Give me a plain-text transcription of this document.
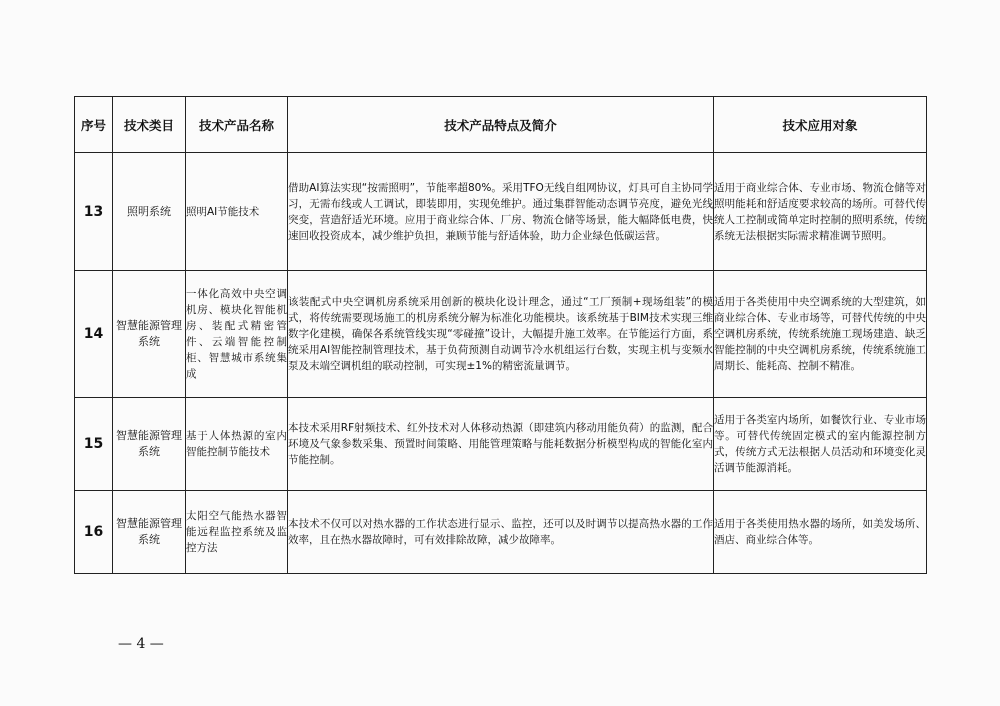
序号	技术类目	技术产品名称	技术产品特点及简介	技术应用对象
13	照明系统	照明AI节能技术	借助AI算法实现“按需照明”，节能率超80%。采用TFO无线自组网协议，灯具可自主协同学习，无需布线或人工调试，即装即用，实现免维护。通过集群智能动态调节亮度，避免光线突变，营造舒适光环境。应用于商业综合体、厂房、物流仓储等场景，能大幅降低电费，快速回收投资成本，减少维护负担，兼顾节能与舒适体验，助力企业绿色低碳运营。	适用于商业综合体、专业市场、物流仓储等对照明能耗和舒适度要求较高的场所。可替代传统人工控制或简单定时控制的照明系统，传统系统无法根据实际需求精准调节照明。
14	智慧能源管理系统	一体化高效中央空调机房、模块化智能机房、装配式精密管件、云端智能控制柜、智慧城市系统集成	该装配式中央空调机房系统采用创新的模块化设计理念，通过“工厂预制+现场组装”的模式，将传统需要现场施工的机房系统分解为标准化功能模块。该系统基于BIM技术实现三维数字化建模，确保各系统管线实现“零碰撞”设计，大幅提升施工效率。在节能运行方面，系统采用AI智能控制管理技术，基于负荷预测自动调节冷水机组运行台数，实现主机与变频水泵及末端空调机组的联动控制，可实现±1%的精密流量调节。	适用于各类使用中央空调系统的大型建筑，如商业综合体、专业市场等，可替代传统的中央空调机房系统，传统系统施工现场建造、缺乏智能控制的中央空调机房系统，传统系统施工周期长、能耗高、控制不精准。
15	智慧能源管理系统	基于人体热源的室内智能控制节能技术	本技术采用RF射频技术、红外技术对人体移动热源（即建筑内移动用能负荷）的监测，配合环境及气象参数采集、预置时间策略、用能管理策略与能耗数据分析模型构成的智能化室内节能控制。	适用于各类室内场所，如餐饮行业、专业市场等。可替代传统固定模式的室内能源控制方式，传统方式无法根据人员活动和环境变化灵活调节能源消耗。
16	智慧能源管理系统	太阳空气能热水器智能远程监控系统及监控方法	本技术不仅可以对热水器的工作状态进行显示、监控，还可以及时调节以提高热水器的工作效率，且在热水器故障时，可有效排除故障，减少故障率。	适用于各类使用热水器的场所，如美发场所、酒店、商业综合体等。
— 4 —
